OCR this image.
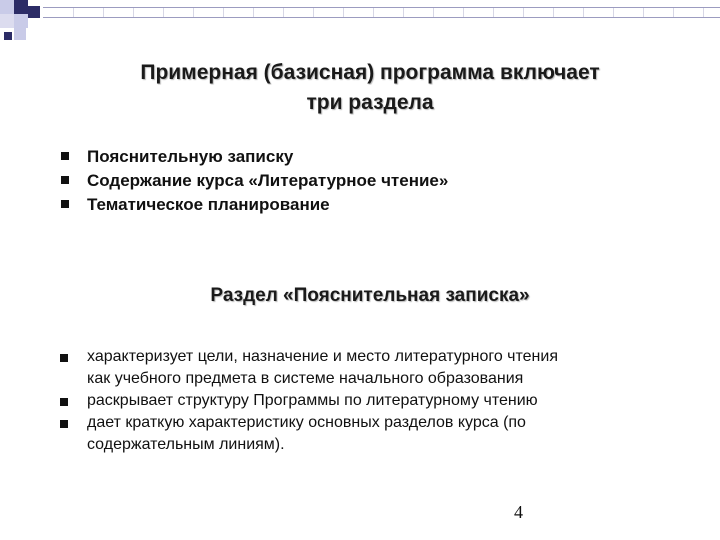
Примерная (базисная) программа включает
три раздела
Пояснительную записку
Содержание курса «Литературное чтение»
Тематическое планирование
Раздел «Пояснительная записка»
характеризует цели, назначение и место литературного чтения
как учебного предмета в системе начального образования
раскрывает структуру Программы по литературному чтению
дает краткую характеристику основных разделов курса (по
содержательным линиям).
4
